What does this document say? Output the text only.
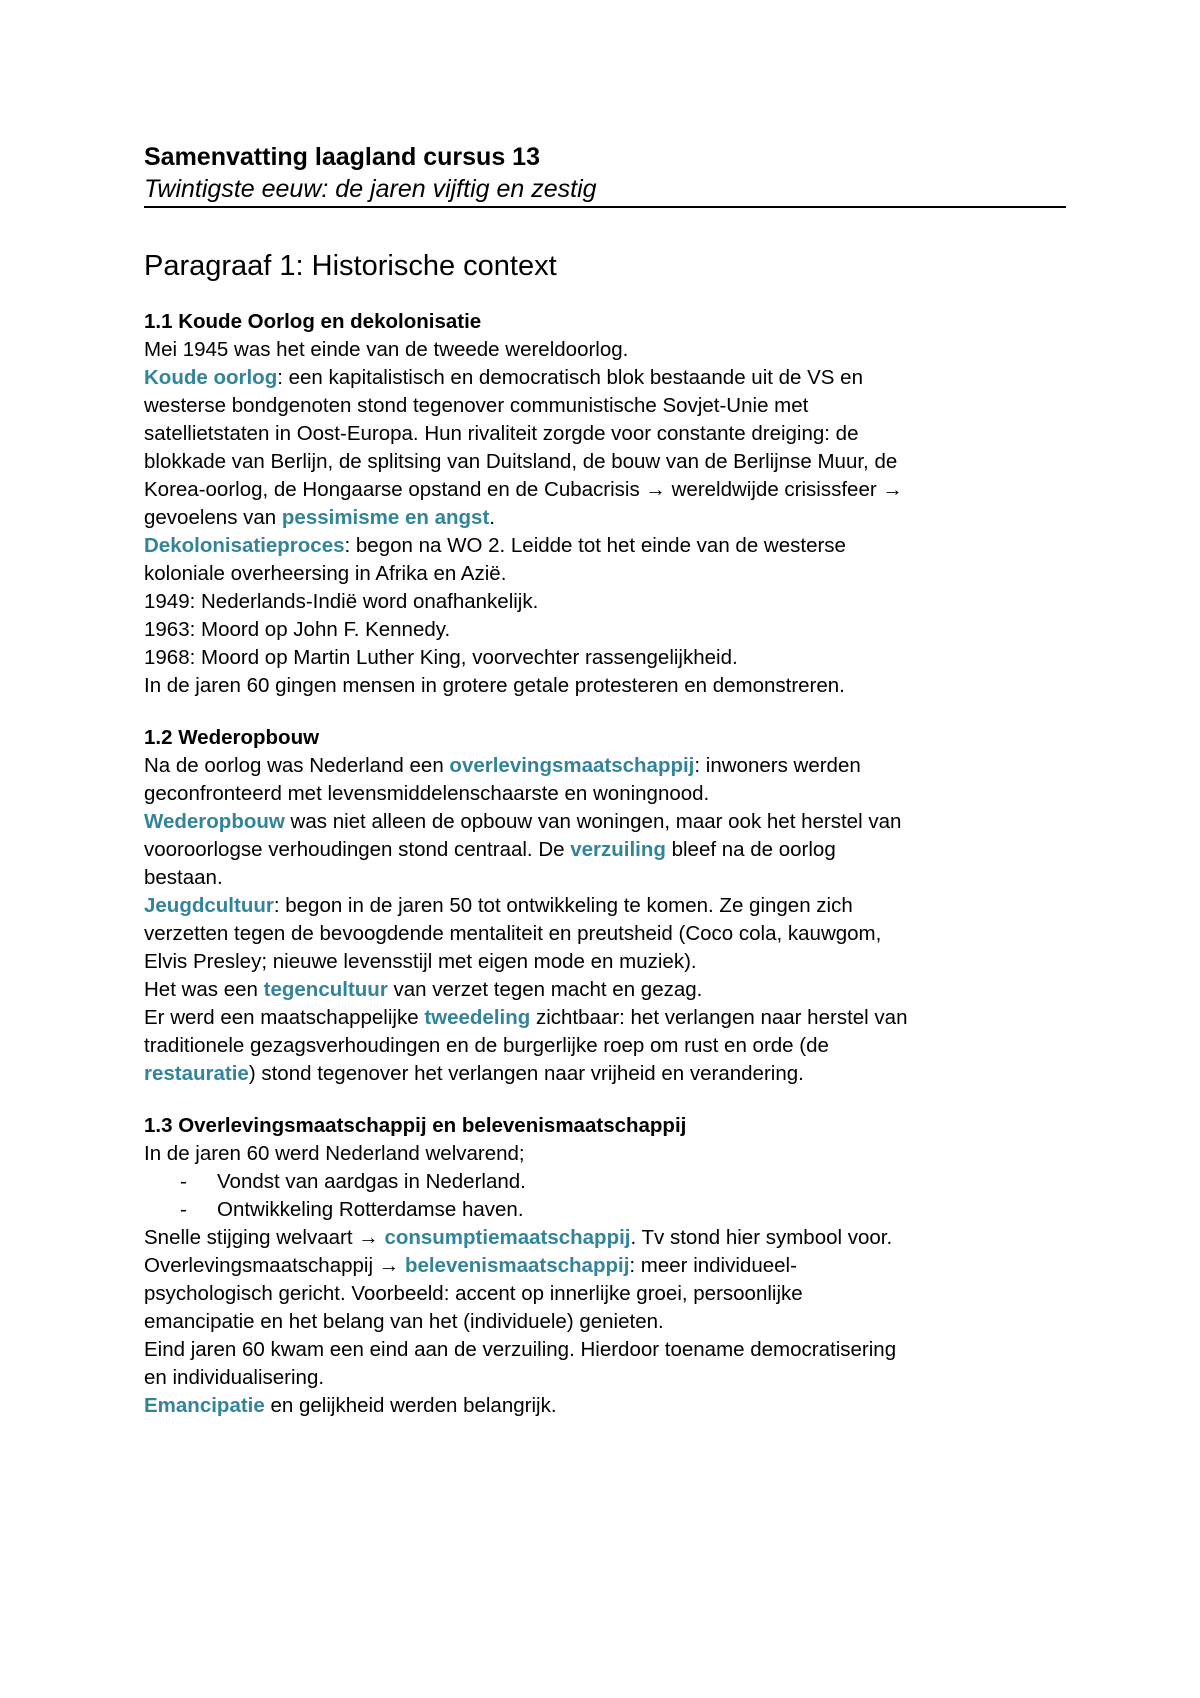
Samenvatting laagland cursus 13

Twintigste eeuw: de jaren vijftig en zestig

Paragraaf 1: Historische context

1.1 Koude Oorlog en dekolonisatie

Mei 1945 was het einde van de tweede wereldoorlog.

Koude oorlog: een kapitalistisch en democratisch blok bestaande uit de VS en

westerse bondgenoten stond tegenover communistische Sovjet-Unie met

satellietstaten in Oost-Europa. Hun rivaliteit zorgde voor constante dreiging: de

blokkade van Berlijn, de splitsing van Duitsland, de bouw van de Berlijnse Muur, de

Korea-oorlog, de Hongaarse opstand en de Cubacrisis → wereldwijde crisissfeer →

gevoelens van pessimisme en angst.

Dekolonisatieproces: begon na WO 2. Leidde tot het einde van de westerse

koloniale overheersing in Afrika en Azië.

1949: Nederlands-Indië word onafhankelijk.

1963: Moord op John F. Kennedy.

1968: Moord op Martin Luther King, voorvechter rassengelijkheid.

In de jaren 60 gingen mensen in grotere getale protesteren en demonstreren.

1.2 Wederopbouw

Na de oorlog was Nederland een overlevingsmaatschappij: inwoners werden

geconfronteerd met levensmiddelenschaarste en woningnood.

Wederopbouw was niet alleen de opbouw van woningen, maar ook het herstel van

vooroorlogse verhoudingen stond centraal. De verzuiling bleef na de oorlog

bestaan.

Jeugdcultuur: begon in de jaren 50 tot ontwikkeling te komen. Ze gingen zich

verzetten tegen de bevoogdende mentaliteit en preutsheid (Coco cola, kauwgom,

Elvis Presley; nieuwe levensstijl met eigen mode en muziek).

Het was een tegencultuur van verzet tegen macht en gezag.

Er werd een maatschappelijke tweedeling zichtbaar: het verlangen naar herstel van

traditionele gezagsverhoudingen en de burgerlijke roep om rust en orde (de

restauratie) stond tegenover het verlangen naar vrijheid en verandering.

1.3 Overlevingsmaatschappij en belevenismaatschappij

In de jaren 60 werd Nederland welvarend;

- Vondst van aardgas in Nederland.
- Ontwikkeling Rotterdamse haven.

Snelle stijging welvaart → consumptiemaatschappij. Tv stond hier symbool voor.

Overlevingsmaatschappij → belevenismaatschappij: meer individueel-

psychologisch gericht. Voorbeeld: accent op innerlijke groei, persoonlijke

emancipatie en het belang van het (individuele) genieten.

Eind jaren 60 kwam een eind aan de verzuiling. Hierdoor toename democratisering

en individualisering.

Emancipatie en gelijkheid werden belangrijk.
